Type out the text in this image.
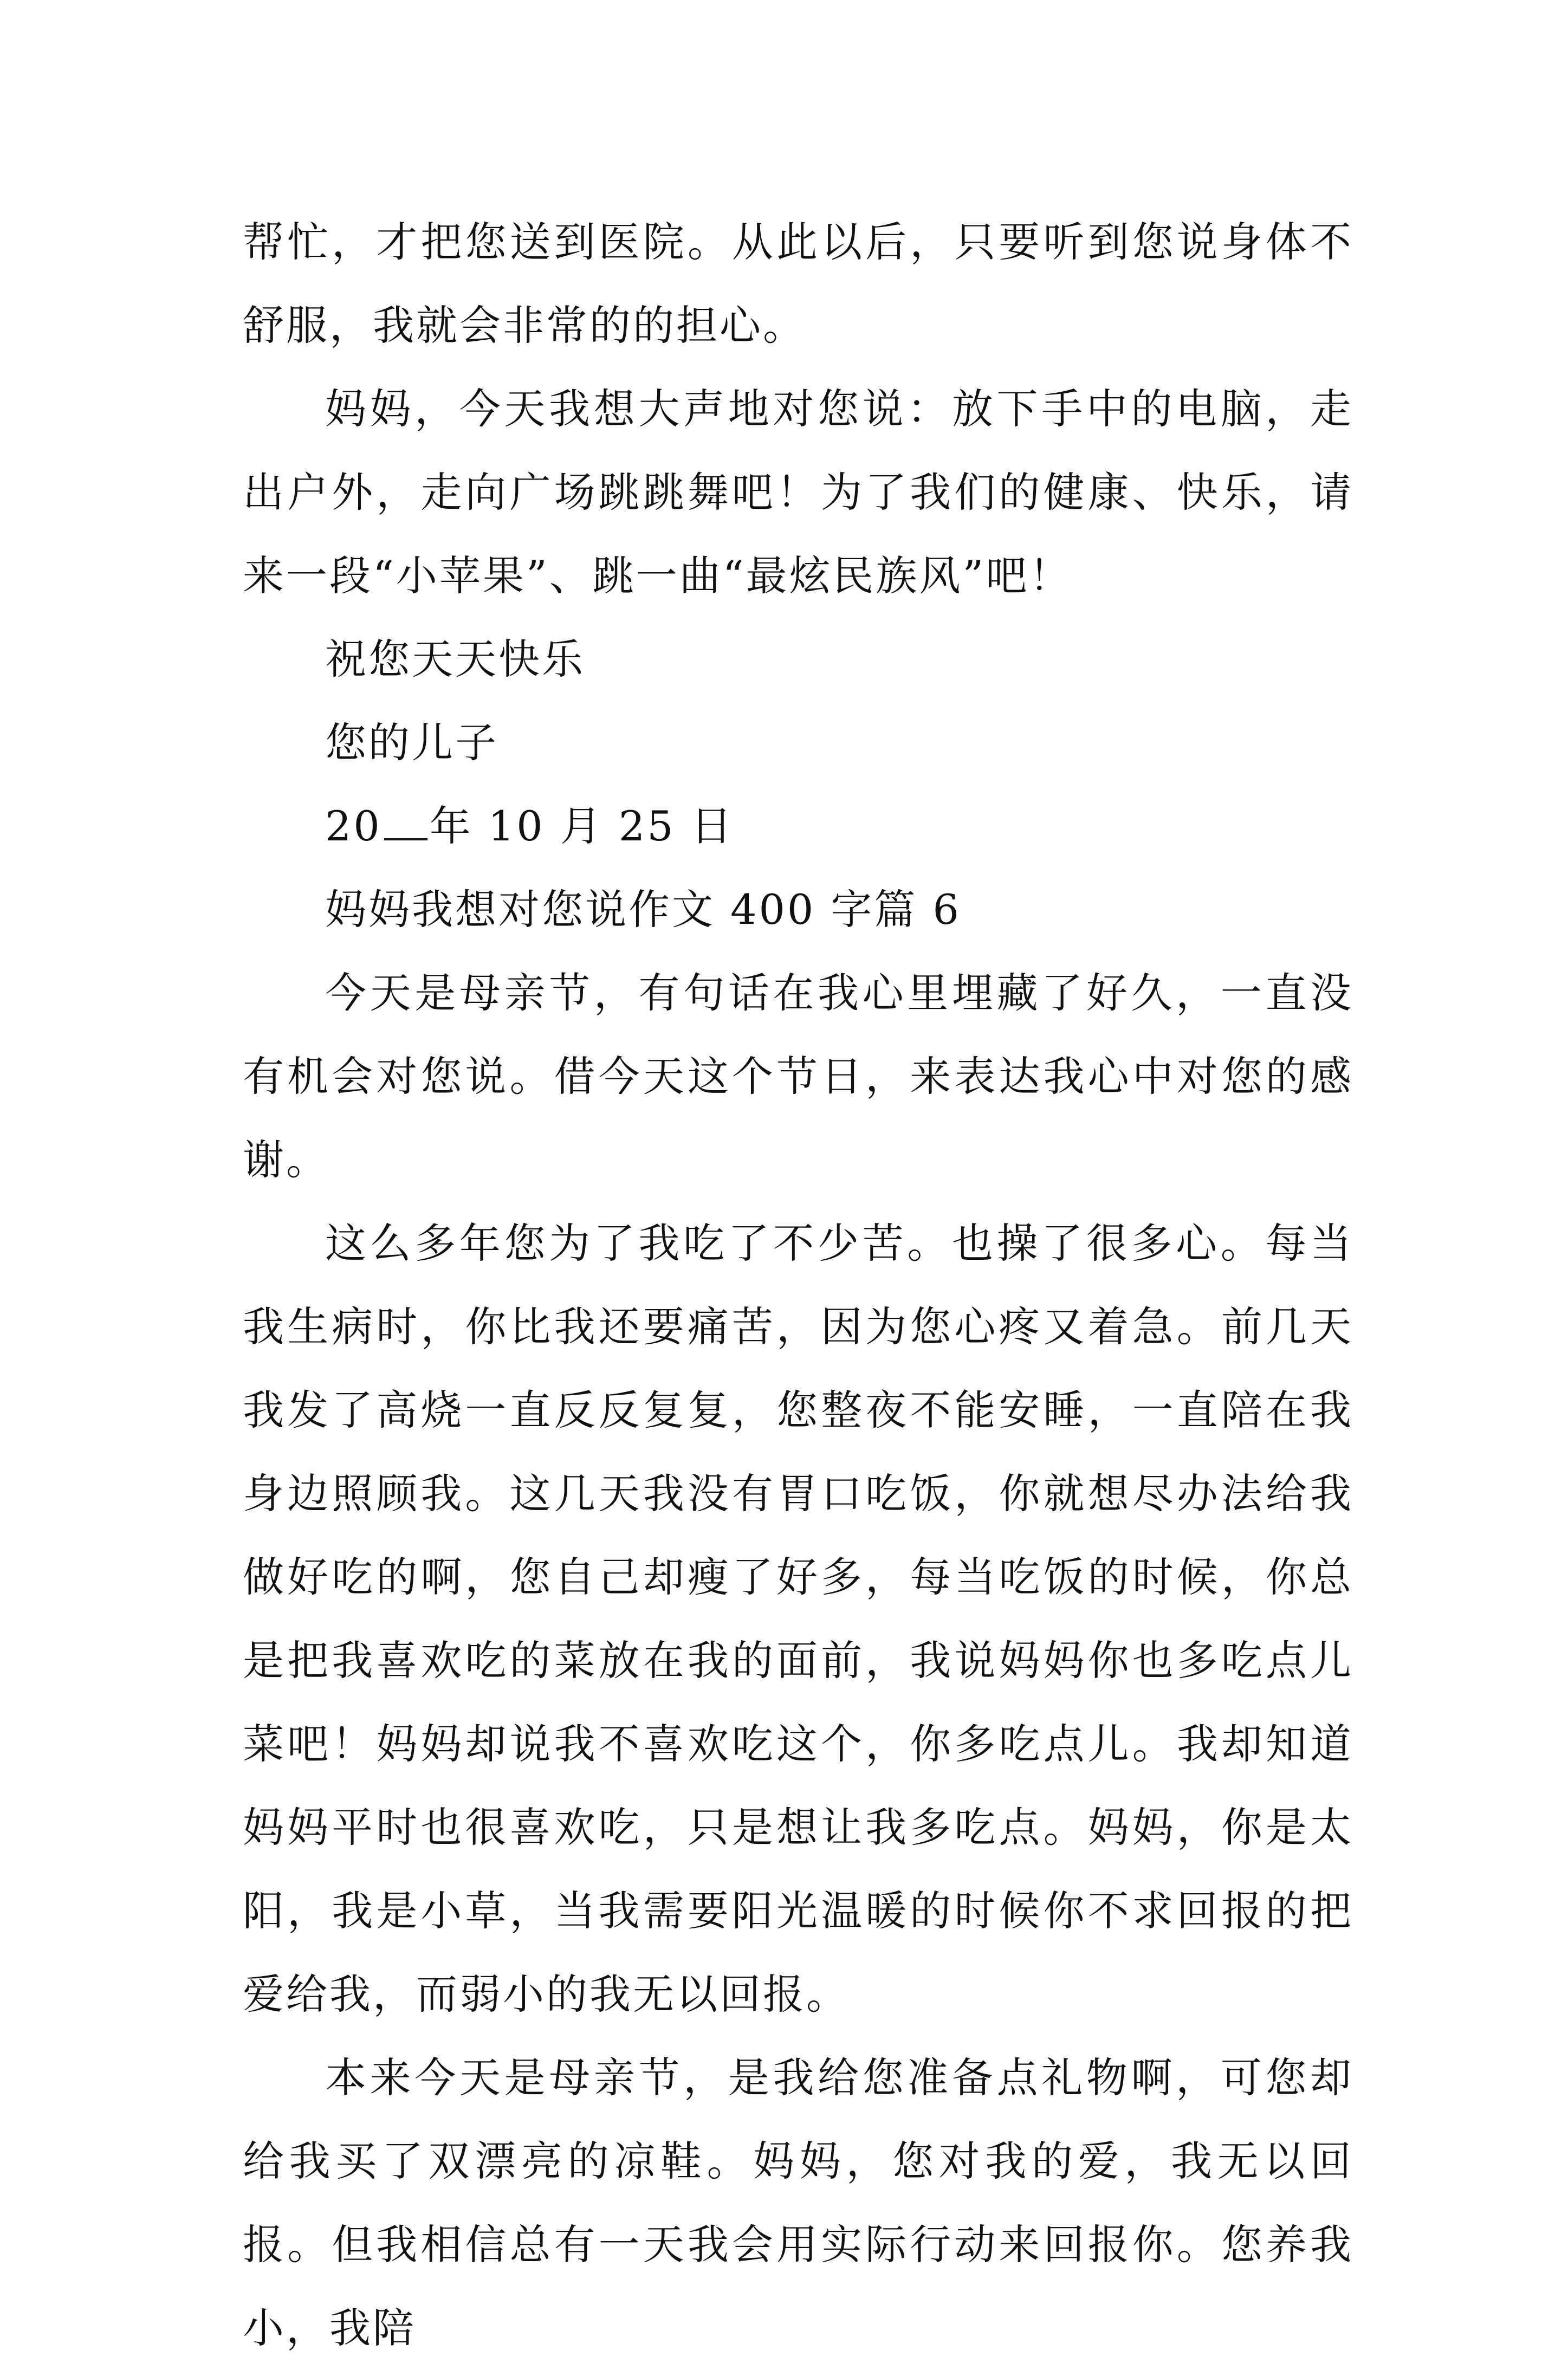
帮忙，才把您送到医院。从此以后，只要听到您说身体不舒服，我就会非常的的担心。

妈妈，今天我想大声地对您说：放下手中的电脑，走出户外，走向广场跳跳舞吧！为了我们的健康、快乐，请来一段“小苹果”、跳一曲“最炫民族风”吧！

祝您天天快乐

您的儿子

20 年 10 月 25 日

妈妈我想对您说作文 400 字篇 6

今天是母亲节，有句话在我心里埋藏了好久，一直没有机会对您说。借今天这个节日，来表达我心中对您的感谢。

这么多年您为了我吃了不少苦。也操了很多心。每当我生病时，你比我还要痛苦，因为您心疼又着急。前几天我发了高烧一直反反复复，您整夜不能安睡，一直陪在我身边照顾我。这几天我没有胃口吃饭，你就想尽办法给我做好吃的啊，您自己却瘦了好多，每当吃饭的时候，你总是把我喜欢吃的菜放在我的面前，我说妈妈你也多吃点儿菜吧！妈妈却说我不喜欢吃这个，你多吃点儿。我却知道妈妈平时也很喜欢吃，只是想让我多吃点。妈妈，你是太阳，我是小草，当我需要阳光温暖的时候你不求回报的把爱给我，而弱小的我无以回报。

本来今天是母亲节，是我给您准备点礼物啊，可您却给我买了双漂亮的凉鞋。妈妈，您对我的爱，我无以回报。但我相信总有一天我会用实际行动来回报你。您养我小，我陪
